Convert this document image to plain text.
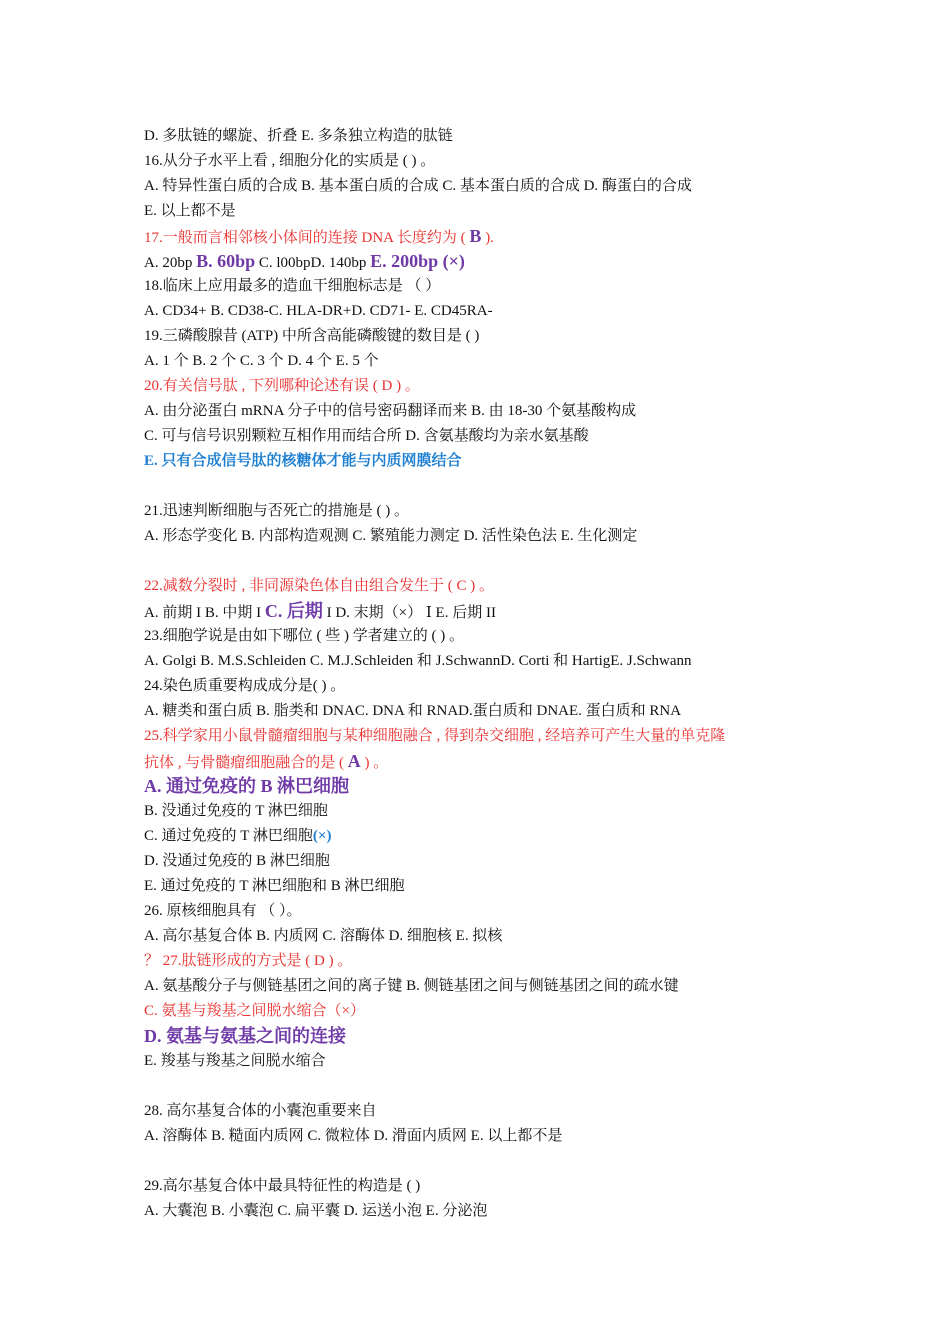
D. 多肽链的螺旋、折叠 E. 多条独立构造的肽链
16.从分子水平上看 , 细胞分化的实质是 ( ) 。
A. 特异性蛋白质的合成 B. 基本蛋白质的合成 C. 基本蛋白质的合成 D. 酶蛋白的合成
E. 以上都不是
17.一般而言相邻核小体间的连接 DNA 长度约为 ( B ).
A. 20bp B. 60bp C. l00bpD. 140bp E. 200bp (×)
18.临床上应用最多的造血干细胞标志是 （ ）
A. CD34+ B. CD38-C. HLA-DR+D. CD71- E. CD45RA-
19.三磷酸腺昔 (ATP) 中所含高能磷酸键的数目是 ( )
A. 1 个 B. 2 个 C. 3 个 D. 4 个 E. 5 个
20.有关信号肽 , 下列哪种论述有误 ( D ) 。
A. 由分泌蛋白 mRNA 分子中的信号密码翻译而来 B. 由 18-30 个氨基酸构成
C. 可与信号识别颗粒互相作用而结合所 D. 含氨基酸均为亲水氨基酸
E. 只有合成信号肽的核糖体才能与内质网膜结合
21.迅速判断细胞与否死亡的措施是 ( ) 。
A. 形态学变化 B. 内部构造观测 C. 繁殖能力测定 D. 活性染色法 E. 生化测定
22.减数分裂时 , 非同源染色体自由组合发生于 ( C ) 。
A. 前期 I B. 中期 I C. 后期 I D. 末期（×） Ⅰ E. 后期 II
23.细胞学说是由如下哪位 ( 些 ) 学者建立的 ( ) 。
A. Golgi B. M.S.Schleiden C. M.J.Schleiden 和 J.SchwannD. Corti 和 HartigE. J.Schwann
24.染色质重要构成成分是( ) 。
A. 糖类和蛋白质 B. 脂类和 DNAC. DNA 和 RNAD.蛋白质和 DNAE. 蛋白质和 RNA
25.科学家用小鼠骨髓瘤细胞与某种细胞融合 , 得到杂交细胞 , 经培养可产生大量的单克隆
抗体 , 与骨髓瘤细胞融合的是 ( A ) 。
A. 通过免疫的 B 淋巴细胞
B. 没通过免疫的 T 淋巴细胞
C. 通过免疫的 T 淋巴细胞(×)
D. 没通过免疫的 B 淋巴细胞
E. 通过免疫的 T 淋巴细胞和 B 淋巴细胞
26. 原核细胞具有 （ ）。
A. 高尔基复合体 B. 内质网 C. 溶酶体 D. 细胞核 E. 拟核
？ 27.肽链形成的方式是 ( D ) 。
A. 氨基酸分子与侧链基团之间的离子键 B. 侧链基团之间与侧链基团之间的疏水键
C. 氨基与羧基之间脱水缩合（×）
D. 氨基与氨基之间的连接
E. 羧基与羧基之间脱水缩合
28. 高尔基复合体的小囊泡重要来自
A. 溶酶体 B. 糙面内质网 C. 微粒体 D. 滑面内质网 E. 以上都不是
29.高尔基复合体中最具特征性的构造是 ( )
A. 大囊泡 B. 小囊泡 C. 扁平囊 D. 运送小泡 E. 分泌泡
